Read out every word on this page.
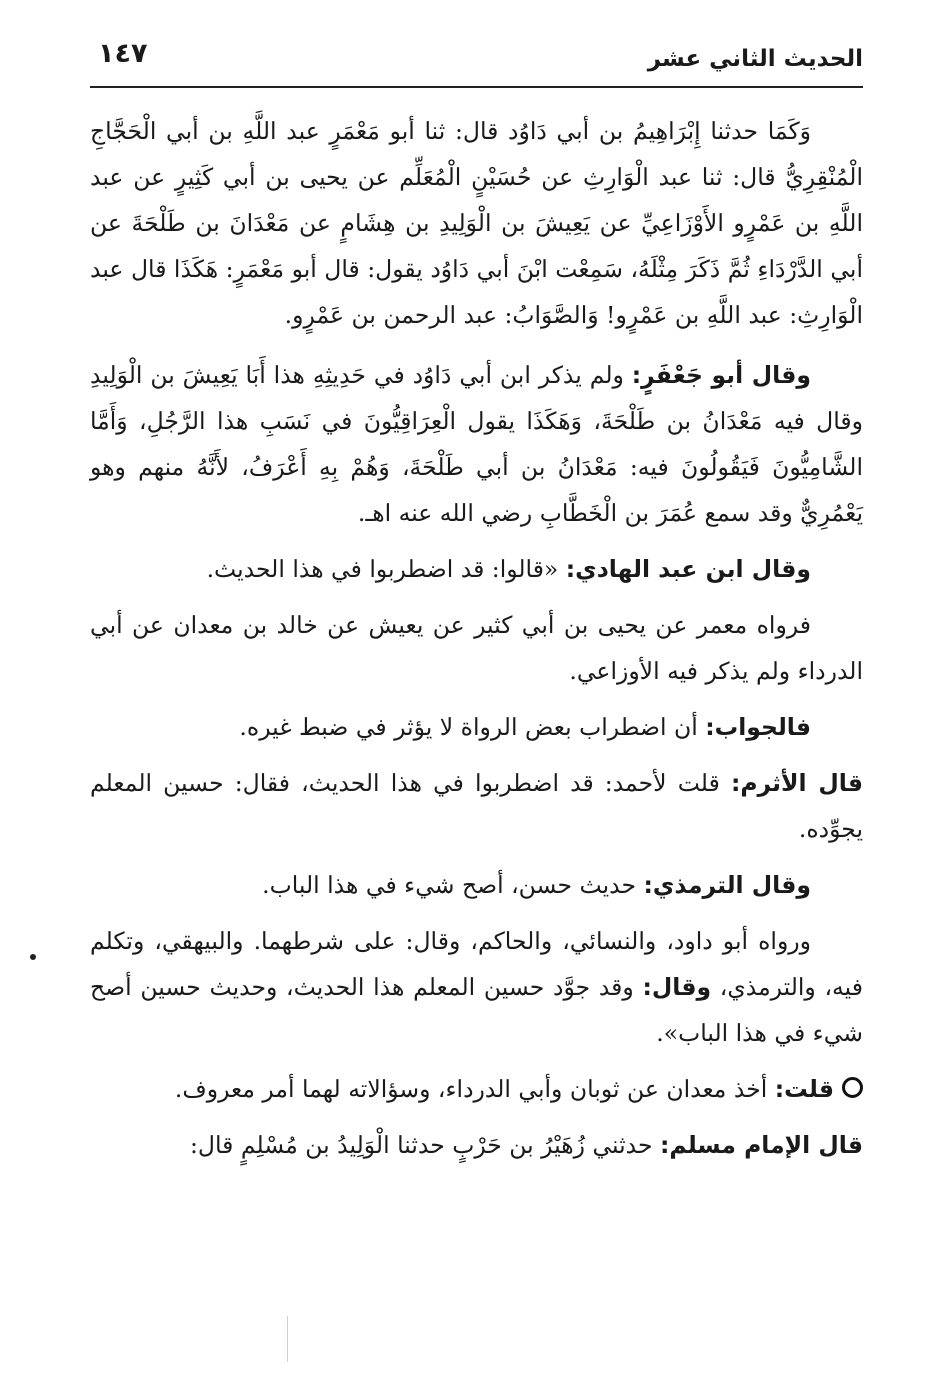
الحديث الثاني عشر
١٤٧

وَكَمَا حدثنا إِبْرَاهِيمُ بن أبي دَاوُد قال: ثنا أبو مَعْمَرٍ عبد اللَّهِ بن أبي الْحَجَّاجِ الْمُنْقِرِيُّ قال: ثنا عبد الْوَارِثِ عن حُسَيْنٍ الْمُعَلِّم عن يحيى بن أبي كَثِيرٍ عن عبد اللَّهِ بن عَمْرٍو الأَوْزَاعِيِّ عن يَعِيشَ بن الْوَلِيدِ بن هِشَامٍ عن مَعْدَانَ بن طَلْحَةَ عن أبي الدَّرْدَاءِ ثُمَّ ذَكَرَ مِثْلَهُ، سَمِعْت ابْنَ أبي دَاوُد يقول: قال أبو مَعْمَرٍ: هَكَذَا قال عبد الْوَارِثِ: عبد اللَّهِ بن عَمْرٍو! وَالصَّوَابُ: عبد الرحمن بن عَمْرٍو.

وقال أبو جَعْفَرٍ: ولم يذكر ابن أبي دَاوُد في حَدِيثِهِ هذا أَبَا يَعِيشَ بن الْوَلِيدِ وقال فيه مَعْدَانُ بن طَلْحَةَ، وَهَكَذَا يقول الْعِرَاقِيُّونَ في نَسَبِ هذا الرَّجُلِ، وَأَمَّا الشَّامِيُّونَ فَيَقُولُونَ فيه: مَعْدَانُ بن أبي طَلْحَةَ، وَهُمْ بِهِ أَعْرَفُ، لأَنَّهُ منهم وهو يَعْمُرِيٌّ وقد سمع عُمَرَ بن الْخَطَّابِ رضي الله عنه اهـ.

وقال ابن عبد الهادي: «قالوا: قد اضطربوا في هذا الحديث.

فرواه معمر عن يحيى بن أبي كثير عن يعيش عن خالد بن معدان عن أبي الدرداء ولم يذكر فيه الأوزاعي.

فالجواب: أن اضطراب بعض الرواة لا يؤثر في ضبط غيره.

قال الأثرم: قلت لأحمد: قد اضطربوا في هذا الحديث، فقال: حسين المعلم يجوِّده.

وقال الترمذي: حديث حسن، أصح شيء في هذا الباب.

ورواه أبو داود، والنسائي، والحاكم، وقال: على شرطهما. والبيهقي، وتكلم فيه، والترمذي، وقال: وقد جوَّد حسين المعلم هذا الحديث، وحديث حسين أصح شيء في هذا الباب».

قلت: أخذ معدان عن ثوبان وأبي الدرداء، وسؤالاته لهما أمر معروف.

قال الإمام مسلم: حدثني زُهَيْرُ بن حَرْبٍ حدثنا الْوَلِيدُ بن مُسْلِمٍ قال:
